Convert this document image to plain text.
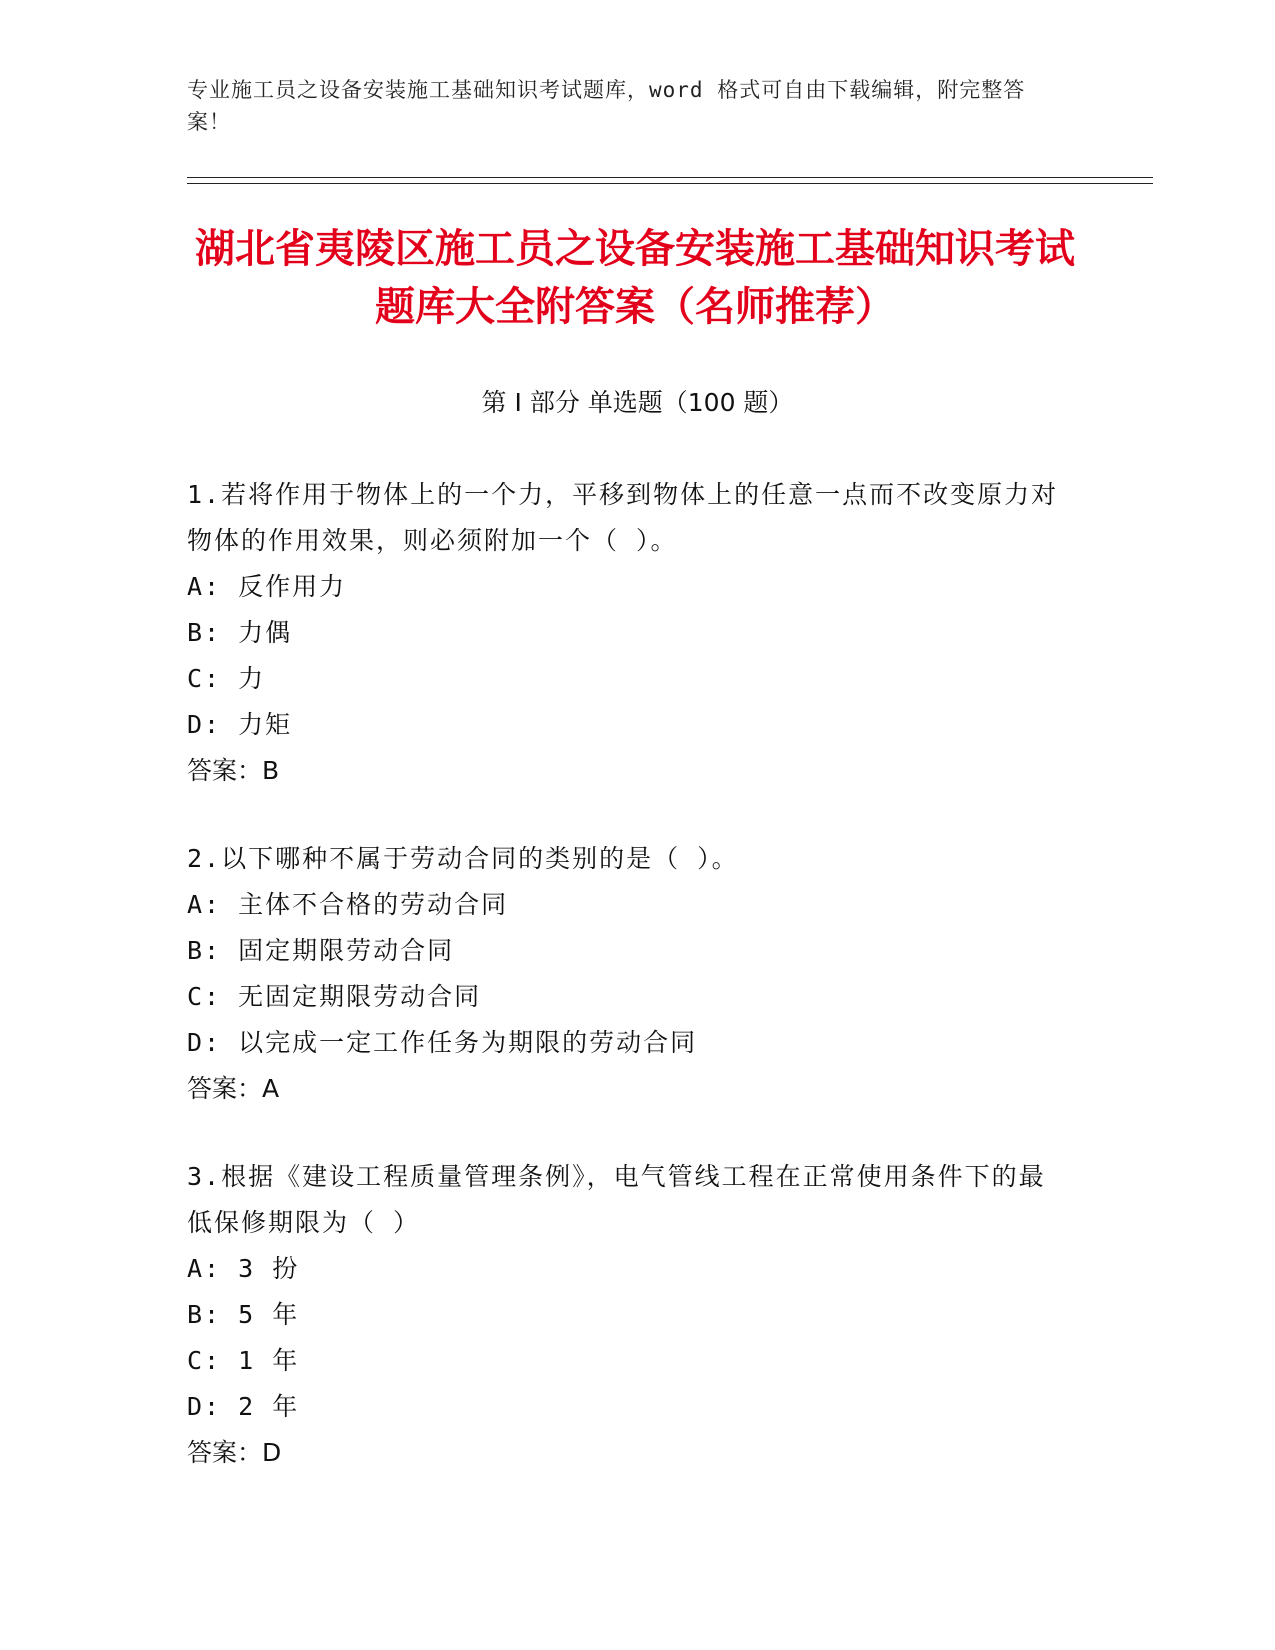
专业施工员之设备安装施工基础知识考试题库，word 格式可自由下载编辑，附完整答案！
湖北省夷陵区施工员之设备安装施工基础知识考试题库大全附答案（名师推荐）
第 I 部分 单选题（100 题）

1.若将作用于物体上的一个力，平移到物体上的任意一点而不改变原力对物体的作用效果，则必须附加一个（ ）。

A: 反作用力

B: 力偶

C: 力

D: 力矩

答案：B

2.以下哪种不属于劳动合同的类别的是（ ）。

A: 主体不合格的劳动合同

B: 固定期限劳动合同

C: 无固定期限劳动合同

D: 以完成一定工作任务为期限的劳动合同

答案：A

3.根据《建设工程质量管理条例》，电气管线工程在正常使用条件下的最低保修期限为（ ）

A: 3 扮

B: 5 年

C: 1 年

D: 2 年

答案：D
